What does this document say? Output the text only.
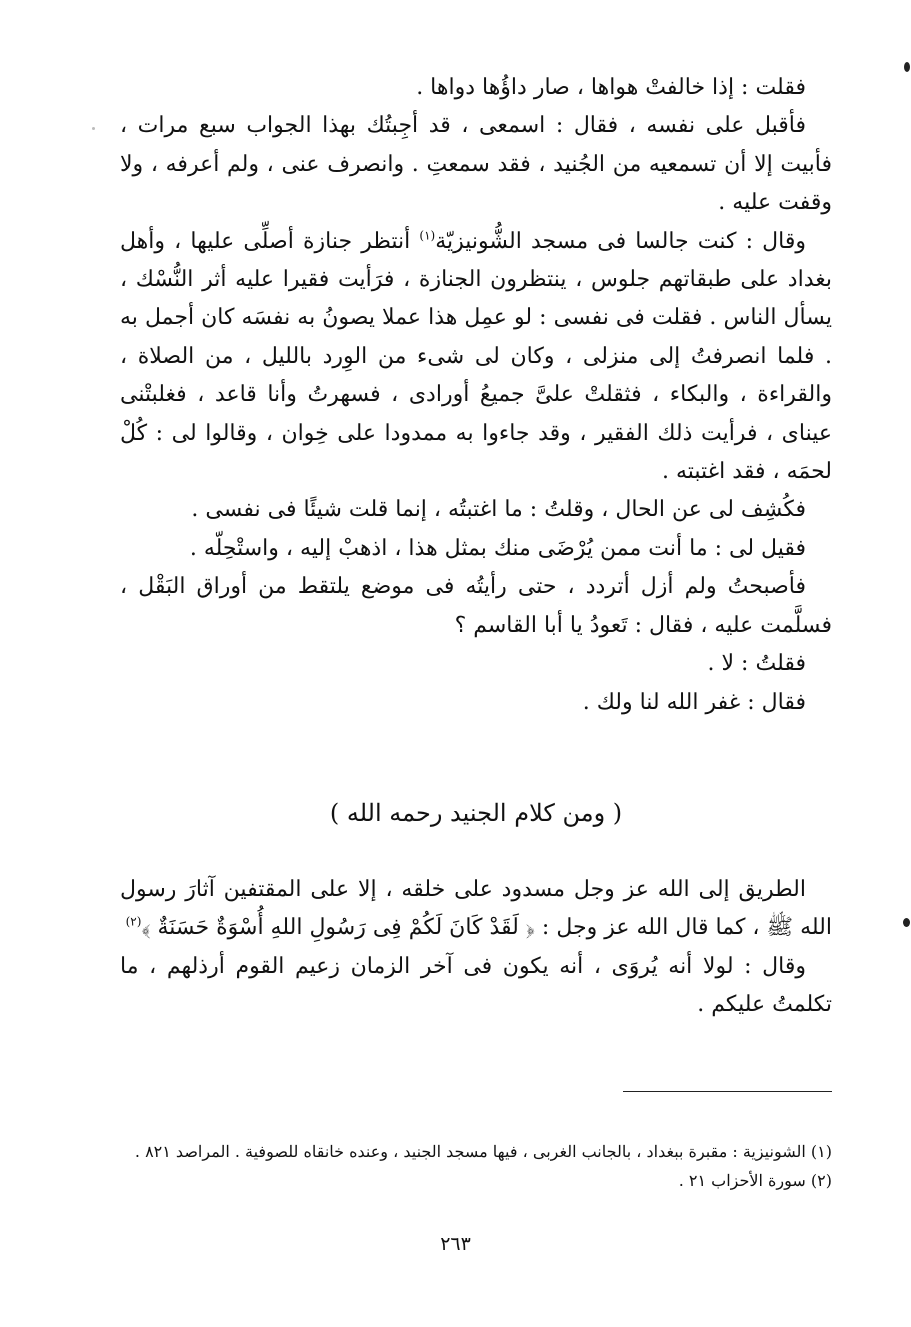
فقلت : إذا خالفتْ هواها ، صار داؤُها دواها .

فأقبل على نفسه ، فقال : اسمعى ، قد أجِبتُك بهذا الجواب سبع مرات ، فأبيت إلا أن تسمعيه من الجُنيد ، فقد سمعتِ . وانصرف عنى ، ولم أعرفه ، ولا وقفت عليه .

وقال : كنت جالسا فى مسجد الشُّونيزيّة$^{(١)}$ أنتظر جنازة أصلِّى عليها ، وأهل بغداد على طبقاتهم جلوس ، ينتظرون الجنازة ، فرَأيت فقيرا عليه أثر النُّسْك ، يسأل الناس . فقلت فى نفسى : لو عمِل هذا عملا يصونُ به نفسَه كان أجمل به . فلما انصرفتُ إلى منزلى ، وكان لى شىء من الوِرد بالليل ، من الصلاة ، والقراءة ، والبكاء ، فثقلتْ علىَّ جميعُ أورادى ، فسهرتُ وأنا قاعد ، فغلبتْنى عيناى ، فرأيت ذلك الفقير ، وقد جاءوا به ممدودا على خِوان ، وقالوا لى : كُلْ لحمَه ، فقد اغتبته .

فكُشِف لى عن الحال ، وقلتُ : ما اغتبتُه ، إنما قلت شيئًا فى نفسى .

فقيل لى : ما أنت ممن يُرْضَى منك بمثل هذا ، اذهبْ إليه ، واستْحِلّه .

فأصبحتُ ولم أزل أتردد ، حتى رأيتُه فى موضع يلتقط من أوراق البَقْل ، فسلَّمت عليه ، فقال : تَعودُ يا أبا القاسم ؟

فقلتُ : لا .

فقال : غفر الله لنا ولك .

( ومن كلام الجنيد رحمه الله )

الطريق إلى الله عز وجل مسدود على خلقه ، إلا على المقتفين آثارَ رسول الله ﷺ ، كما قال الله عز وجل : ﴿ لَقَدْ كَانَ لَكُمْ فِى رَسُولِ اللهِ أُسْوَةٌ حَسَنَةٌ ﴾$^{(٢)}$

وقال : لولا أنه يُروَى ، أنه يكون فى آخر الزمان زعيم القوم أرذلهم ، ما تكلمتُ عليكم .

(١) الشونيزية : مقبرة ببغداد ، بالجانب الغربى ، فيها مسجد الجنيد ، وعنده خانقاه للصوفية . المراصد ٨٢١ .

(٢) سورة الأحزاب ٢١ .

٢٦٣
